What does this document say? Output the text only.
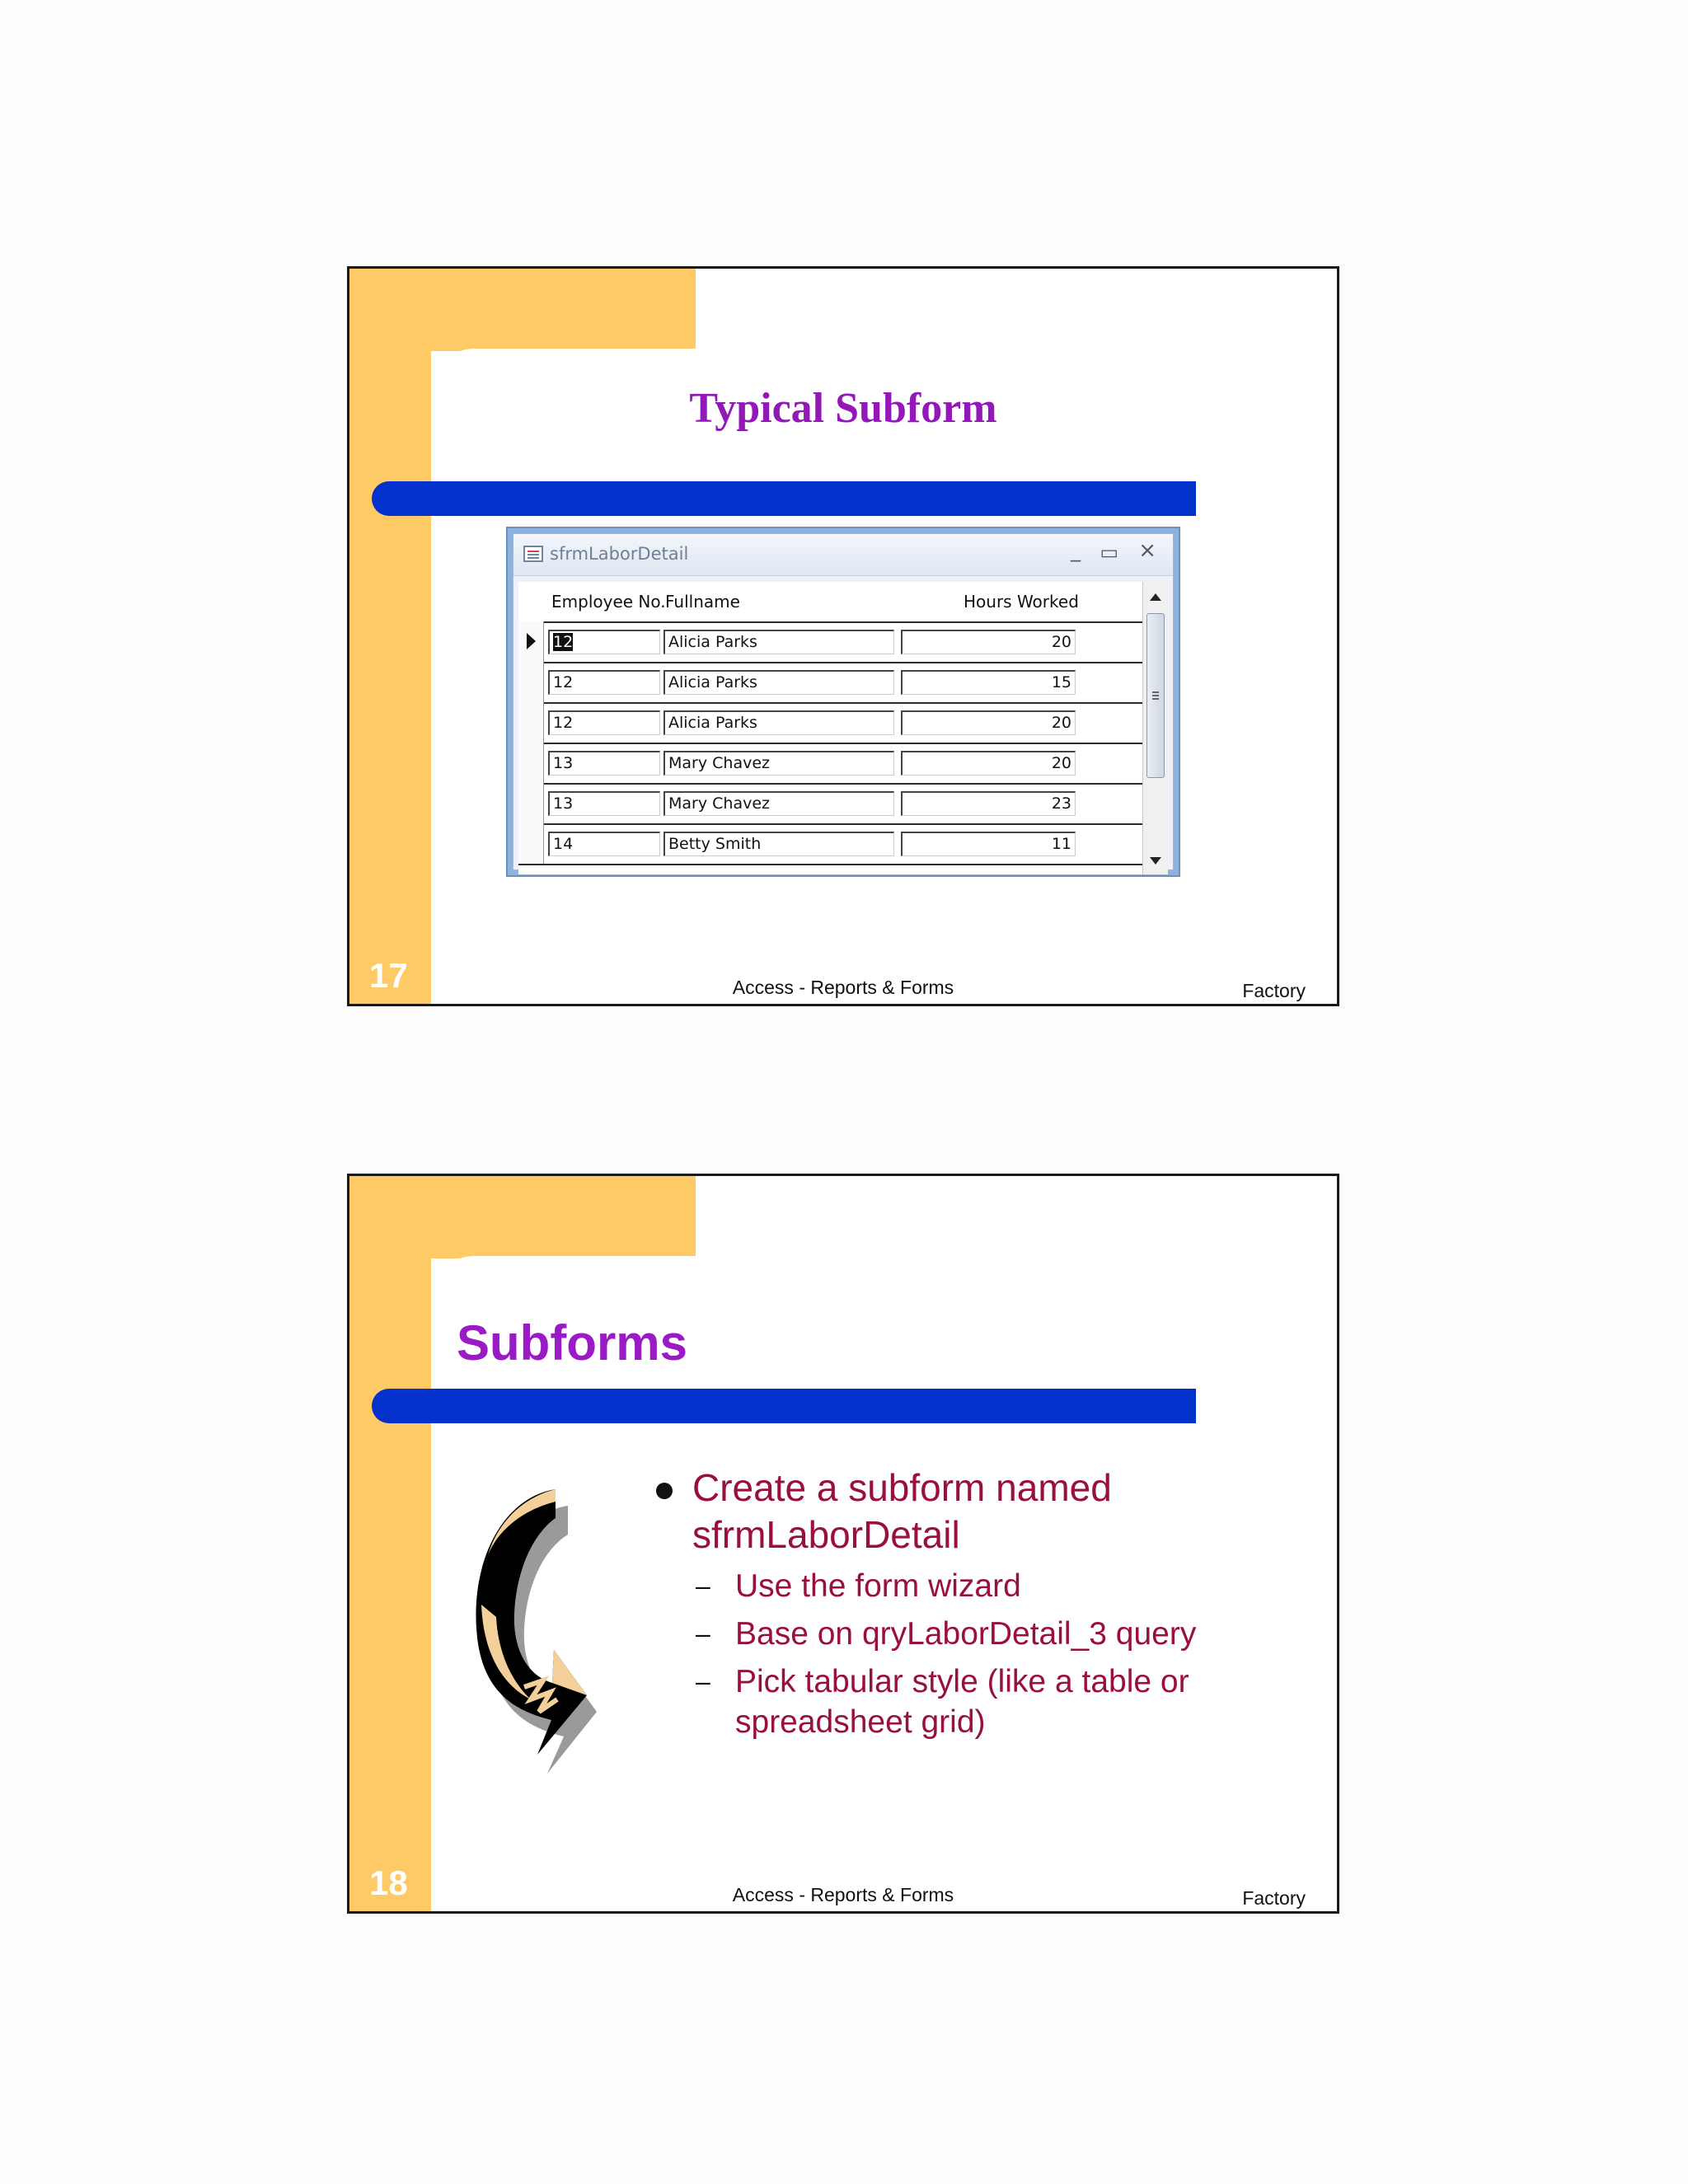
Typical Subform
sfrmLaborDetail	_ ▭ ×
Employee No. Fullname	Hours Worked
12	Alicia Parks	20
12	Alicia Parks	15
12	Alicia Parks	20
13	Mary Chavez	20
13	Mary Chavez	23
14	Betty Smith	11
17	Access - Reports & Forms	Factory
Subforms
Create a subform named sfrmLaborDetail
– Use the form wizard
– Base on qryLaborDetail_3 query
– Pick tabular style (like a table or spreadsheet grid)
18	Access - Reports & Forms	Factory
